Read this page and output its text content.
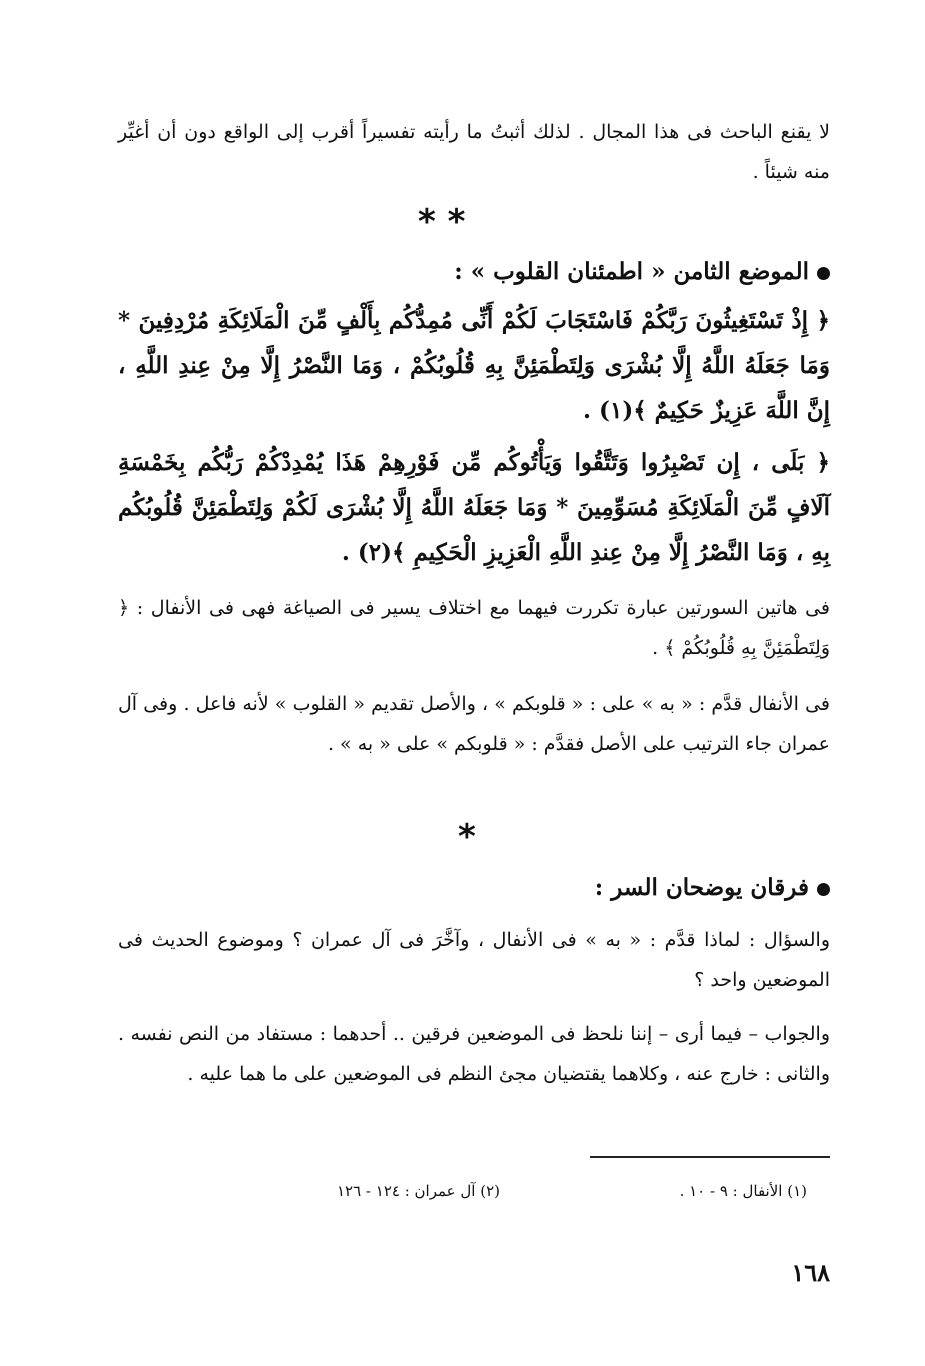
لا يقنع الباحث فى هذا المجال . لذلك أثبتُ ما رأيته تفسيراً أقرب إلى الواقع دون أن أغيِّر منه شيئاً .
* *
الموضع الثامن « اطمئنان القلوب » :
﴿ إِذْ تَسْتَغِيثُونَ رَبَّكُمْ فَاسْتَجَابَ لَكُمْ أَنِّى مُمِدُّكُم بِأَلْفٍ مِّنَ الْمَلَائِكَةِ مُرْدِفِينَ * وَمَا جَعَلَهُ اللَّهُ إِلَّا بُشْرَى وَلِتَطْمَئِنَّ بِهِ قُلُوبُكُمْ ، وَمَا النَّصْرُ إِلَّا مِنْ عِندِ اللَّهِ ، إِنَّ اللَّهَ عَزِيزٌ حَكِيمٌ ﴾(١) .
﴿ بَلَى ، إِن تَصْبِرُوا وَتَتَّقُوا وَيَأْتُوكُم مِّن فَوْرِهِمْ هَذَا يُمْدِدْكُمْ رَبُّكُم بِخَمْسَةِ آلَافٍ مِّنَ الْمَلَائِكَةِ مُسَوِّمِينَ * وَمَا جَعَلَهُ اللَّهُ إِلَّا بُشْرَى لَكُمْ وَلِتَطْمَئِنَّ قُلُوبُكُم بِهِ ، وَمَا النَّصْرُ إِلَّا مِنْ عِندِ اللَّهِ الْعَزِيزِ الْحَكِيمِ ﴾(٢) .
فى هاتين السورتين عبارة تكررت فيهما مع اختلاف يسير فى الصياغة فهى فى الأنفال : ﴿ وَلِتَطْمَئِنَّ بِهِ قُلُوبُكُمْ ﴾ .
فى الأنفال قدَّم : « به » على : « قلوبكم » ، والأصل تقديم « القلوب » لأنه فاعل . وفى آل عمران جاء الترتيب على الأصل فقدَّم : « قلوبكم » على « به » .
*
فرقان يوضحان السر :
والسؤال : لماذا قدَّم : « به » فى الأنفال ، وآخَّرَ فى آل عمران ؟ وموضوع الحديث فى الموضعين واحد ؟
والجواب – فيما أرى – إننا نلحظ فى الموضعين فرقين .. أحدهما : مستفاد من النص نفسه . والثانى : خارج عنه ، وكلاهما يقتضيان مجئ النظم فى الموضعين على ما هما عليه .
(١) الأنفال : ٩ - ١٠ .
(٢) آل عمران : ١٢٤ - ١٢٦
١٦٨
